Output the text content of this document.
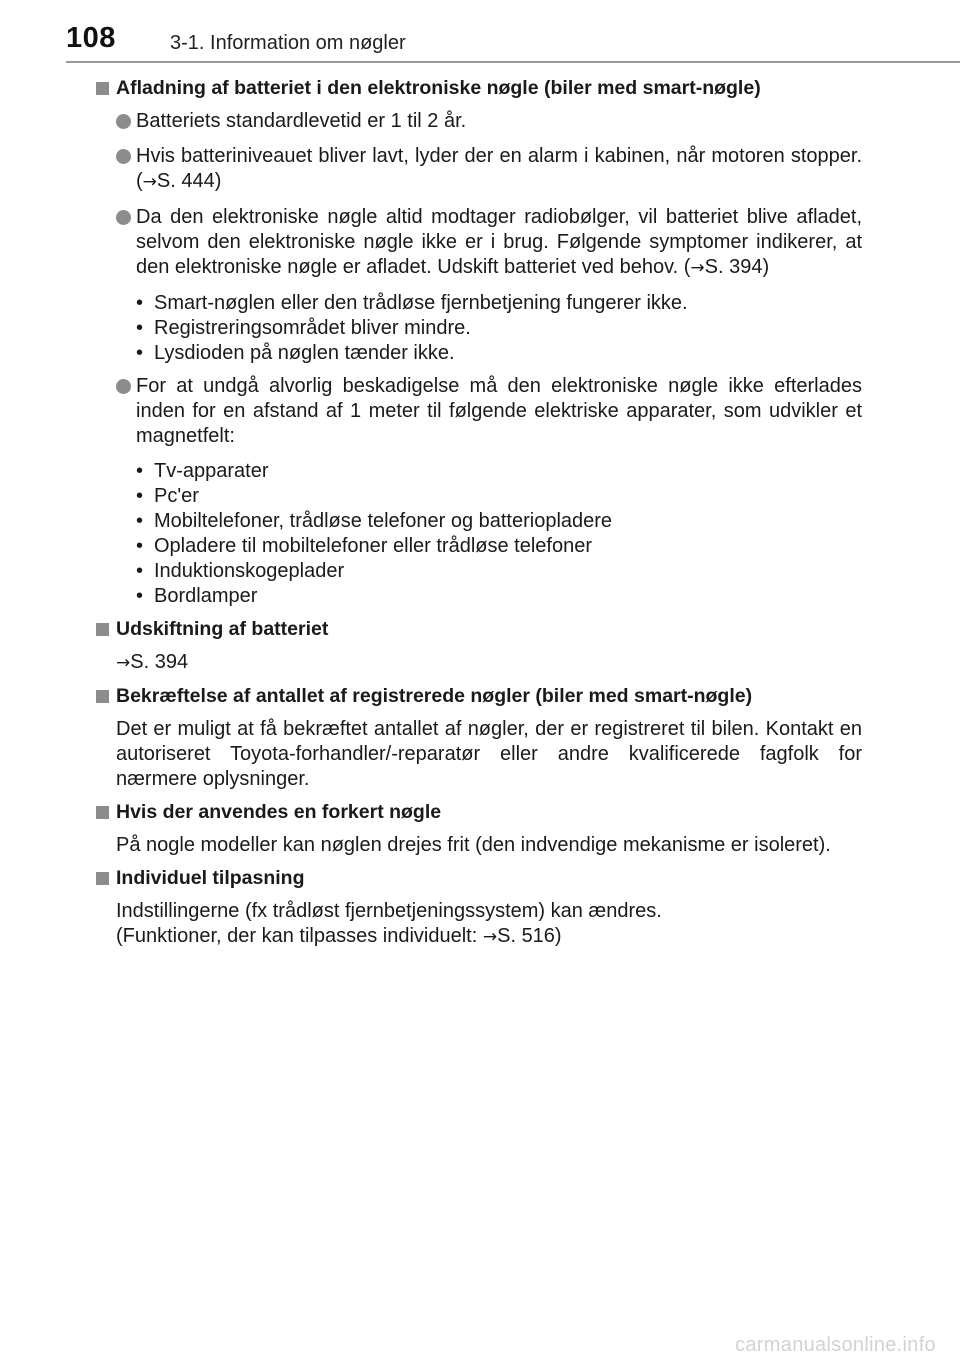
108	3-1. Information om nøgler
Afladning af batteriet i den elektroniske nøgle (biler med smart-nøgle)
Batteriets standardlevetid er 1 til 2 år.
Hvis batteriniveauet bliver lavt, lyder der en alarm i kabinen, når motoren stopper. (→S. 444)
Da den elektroniske nøgle altid modtager radiobølger, vil batteriet blive afladet, selvom den elektroniske nøgle ikke er i brug. Følgende symptomer indikerer, at den elektroniske nøgle er afladet. Udskift batteriet ved behov. (→S. 394)
• Smart-nøglen eller den trådløse fjernbetjening fungerer ikke.
• Registreringsområdet bliver mindre.
• Lysdioden på nøglen tænder ikke.
For at undgå alvorlig beskadigelse må den elektroniske nøgle ikke efterlades inden for en afstand af 1 meter til følgende elektriske apparater, som udvikler et magnetfelt:
• Tv-apparater
• Pc'er
• Mobiltelefoner, trådløse telefoner og batteriopladere
• Opladere til mobiltelefoner eller trådløse telefoner
• Induktionskogeplader
• Bordlamper
Udskiftning af batteriet
→S. 394
Bekræftelse af antallet af registrerede nøgler (biler med smart-nøgle)
Det er muligt at få bekræftet antallet af nøgler, der er registreret til bilen. Kontakt en autoriseret Toyota-forhandler/-reparatør eller andre kvalificerede fagfolk for nærmere oplysninger.
Hvis der anvendes en forkert nøgle
På nogle modeller kan nøglen drejes frit (den indvendige mekanisme er isoleret).
Individuel tilpasning
Indstillingerne (fx trådløst fjernbetjeningssystem) kan ændres.
(Funktioner, der kan tilpasses individuelt: →S. 516)
carmanualsonline.info
